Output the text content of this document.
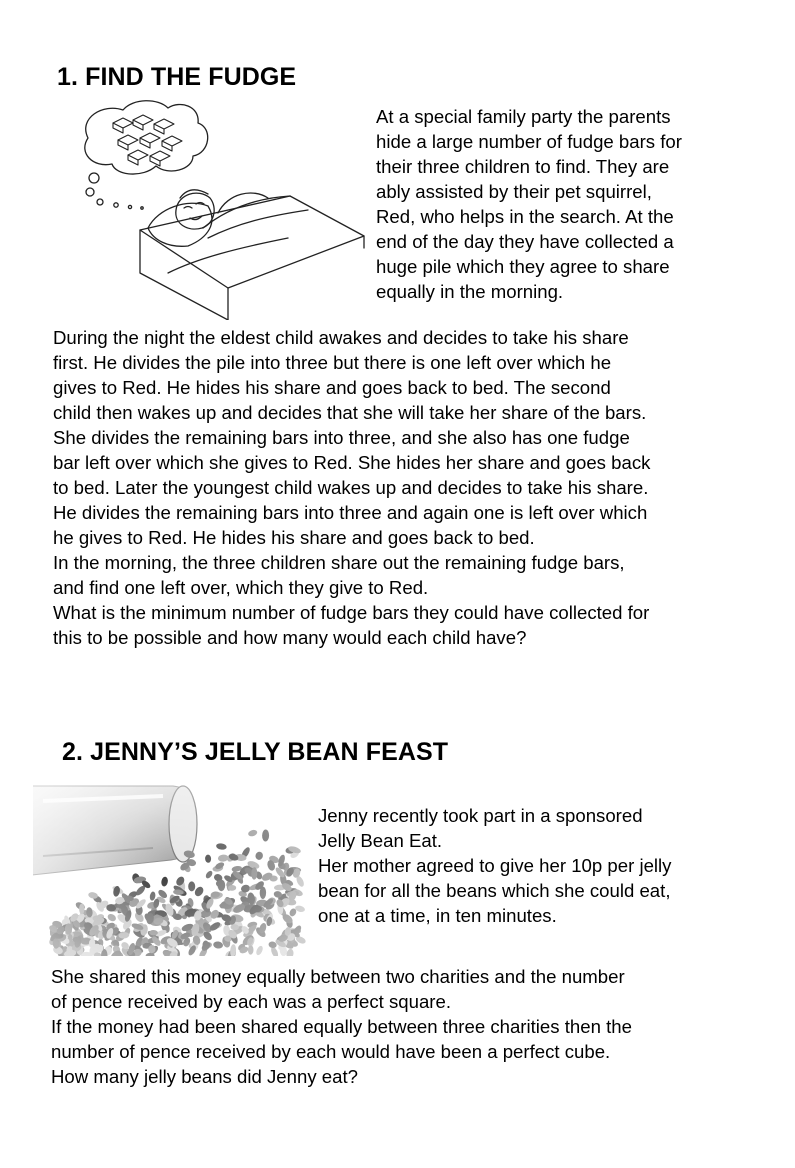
1. FIND THE FUDGE
At a special family party the parents
hide a large number of fudge bars for
their three children to find. They are
ably assisted by their pet squirrel,
Red, who helps in the search. At the
end of the day they have collected a
huge pile which they agree to share
equally in the morning.
During the night the eldest child awakes and decides to take his share
first. He divides the pile into three but there is one left over which he
gives to Red. He hides his share and goes back to bed. The second
child then wakes up and decides that she will take her share of the bars.
She divides the remaining bars into three, and she also has one fudge
bar left over which she gives to Red. She hides her share and goes back
to bed. Later the youngest child wakes up and decides to take his share.
He divides the remaining bars into three and again one is left over which
he gives to Red. He hides his share and goes back to bed.
In the morning, the three children share out the remaining fudge bars,
and find one left over, which they give to Red.
What is the minimum number of fudge bars they could have collected for
this to be possible and how many would each child have?
2. JENNY’S JELLY BEAN FEAST
Jenny recently took part in a sponsored
Jelly Bean Eat.
Her mother agreed to give her 10p per jelly
bean for all the beans which she could eat,
one at a time, in ten minutes.
She shared this money equally between two charities and the number
of pence received by each was a perfect square.
If the money had been shared equally between three charities then the
number of pence received by each would have been a perfect cube.
How many jelly beans did Jenny eat?
